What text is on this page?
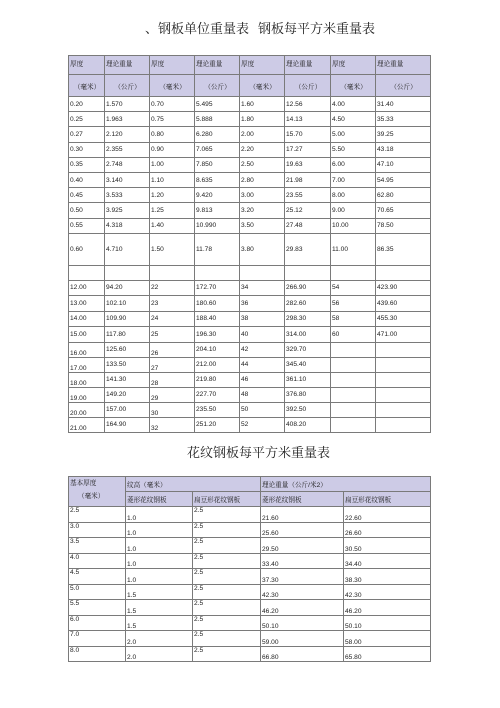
、钢板单位重量表 钢板每平方米重量表
厚度	理论重量	厚度	理论重量	厚度	理论重量	厚度	理论重量
（毫米）	（公斤）	（毫米）	（公斤）	（毫米）	（公斤）	（毫米）	（公斤）
0.20	1.570	0.70	5.495	1.60	12.56	4.00	31.40
0.25	1.963	0.75	5.888	1.80	14.13	4.50	35.33
0.27	2.120	0.80	6.280	2.00	15.70	5.00	39.25
0.30	2.355	0.90	7.065	2.20	17.27	5.50	43.18
0.35	2.748	1.00	7.850	2.50	19.63	6.00	47.10
0.40	3.140	1.10	8.635	2.80	21.98	7.00	54.95
0.45	3.533	1.20	9.420	3.00	23.55	8.00	62.80
0.50	3.925	1.25	9.813	3.20	25.12	9.00	70.65
0.55	4.318	1.40	10.990	3.50	27.48	10.00	78.50
0.60	4.710	1.50	11.78	3.80	29.83	11.00	86.35

12.00	94.20	22	172.70	34	266.90	54	423.90
13.00	102.10	23	180.60	36	282.60	56	439.60
14.00	109.90	24	188.40	38	298.30	58	455.30
15.00	117.80	25	196.30	40	314.00	60	471.00
16.00	125.60	26	204.10	42	329.70		
17.00	133.50	27	212.00	44	345.40		
18.00	141.30	28	219.80	46	361.10		
19.00	149.20	29	227.70	48	376.80		
20.00	157.00	30	235.50	50	392.50		
21.00	164.90	32	251.20	52	408.20		
花纹钢板每平方米重量表
基本厚度
（毫米）	纹高（毫米）		理论重量（公斤/米2）	
	菱形花纹钢板	扁豆形花纹钢板	菱形花纹钢板	扁豆形花纹钢板
2.5	1.0	2.5	21.60	22.60
3.0	1.0	2.5	25.60	26.60
3.5	1.0	2.5	29.50	30.50
4.0	1.0	2.5	33.40	34.40
4.5	1.0	2.5	37.30	38.30
5.0	1.5	2.5	42.30	42.30
5.5	1.5	2.5	46.20	46.20
6.0	1.5	2.5	50.10	50.10
7.0	2.0	2.5	59.00	58.00
8.0	2.0	2.5	66.80	65.80
